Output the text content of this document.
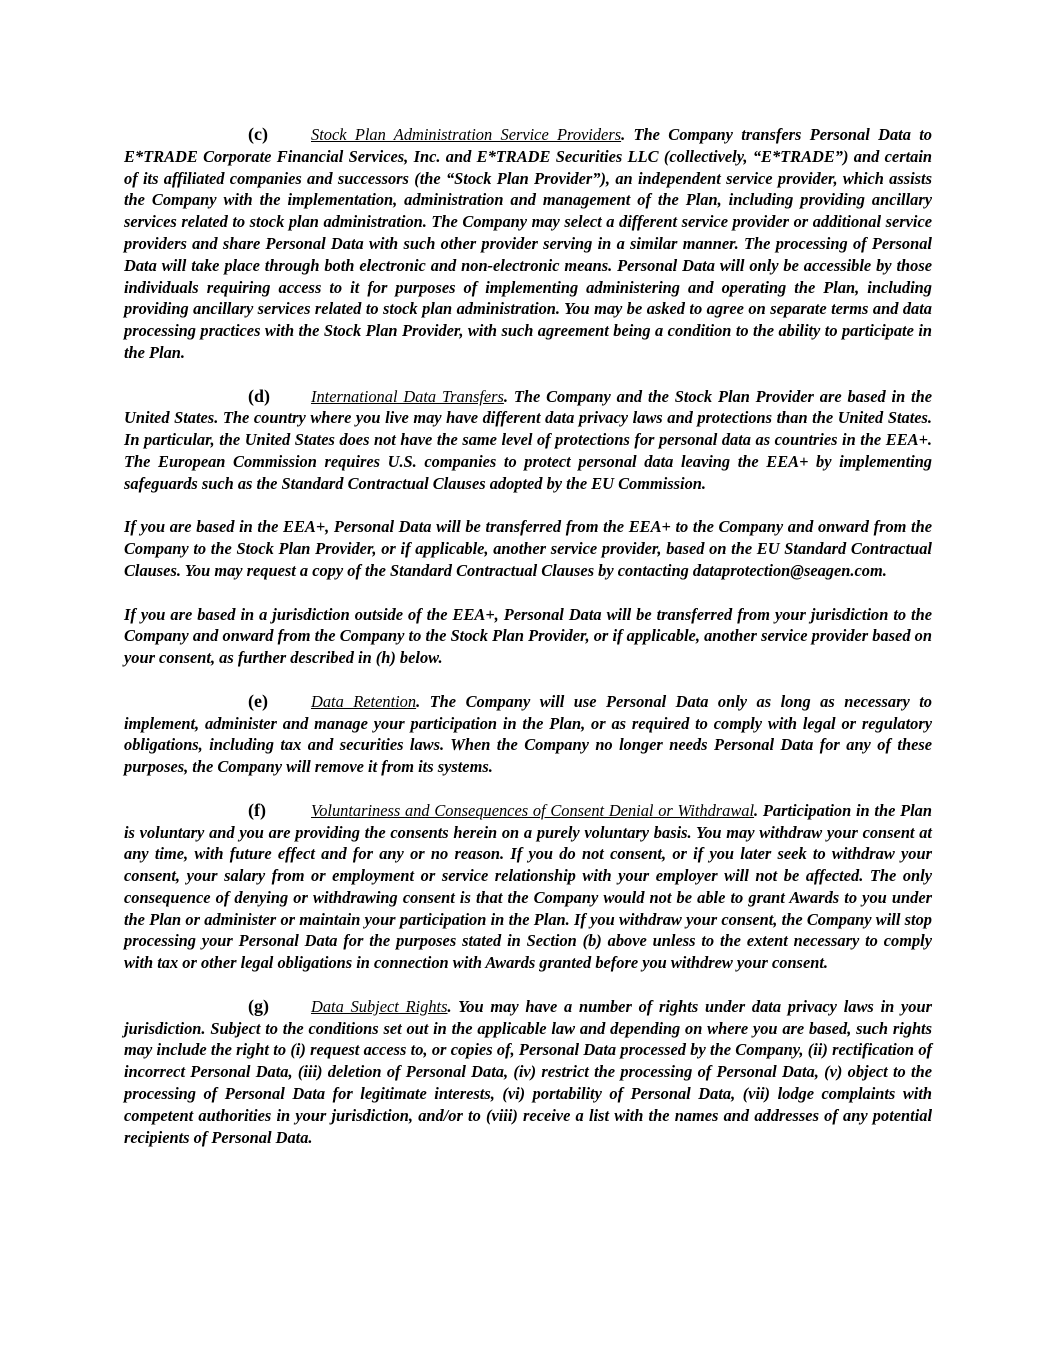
(c)	Stock Plan Administration Service Providers. The Company transfers Personal Data to E*TRADE Corporate Financial Services, Inc. and E*TRADE Securities LLC (collectively, “E*TRADE”) and certain of its affiliated companies and successors (the “Stock Plan Provider”), an independent service provider, which assists the Company with the implementation, administration and management of the Plan, including providing ancillary services related to stock plan administration. The Company may select a different service provider or additional service providers and share Personal Data with such other provider serving in a similar manner. The processing of Personal Data will take place through both electronic and non-electronic means. Personal Data will only be accessible by those individuals requiring access to it for purposes of implementing administering and operating the Plan, including providing ancillary services related to stock plan administration. You may be asked to agree on separate terms and data processing practices with the Stock Plan Provider, with such agreement being a condition to the ability to participate in the Plan.

(d)	International Data Transfers. The Company and the Stock Plan Provider are based in the United States. The country where you live may have different data privacy laws and protections than the United States. In particular, the United States does not have the same level of protections for personal data as countries in the EEA+. The European Commission requires U.S. companies to protect personal data leaving the EEA+ by implementing safeguards such as the Standard Contractual Clauses adopted by the EU Commission.

If you are based in the EEA+, Personal Data will be transferred from the EEA+ to the Company and onward from the Company to the Stock Plan Provider, or if applicable, another service provider, based on the EU Standard Contractual Clauses. You may request a copy of the Standard Contractual Clauses by contacting dataprotection@seagen.com.

If you are based in a jurisdiction outside of the EEA+, Personal Data will be transferred from your jurisdiction to the Company and onward from the Company to the Stock Plan Provider, or if applicable, another service provider based on your consent, as further described in (h) below.

(e)	Data Retention. The Company will use Personal Data only as long as necessary to implement, administer and manage your participation in the Plan, or as required to comply with legal or regulatory obligations, including tax and securities laws. When the Company no longer needs Personal Data for any of these purposes, the Company will remove it from its systems.

(f)	Voluntariness and Consequences of Consent Denial or Withdrawal. Participation in the Plan is voluntary and you are providing the consents herein on a purely voluntary basis. You may withdraw your consent at any time, with future effect and for any or no reason. If you do not consent, or if you later seek to withdraw your consent, your salary from or employment or service relationship with your employer will not be affected. The only consequence of denying or withdrawing consent is that the Company would not be able to grant Awards to you under the Plan or administer or maintain your participation in the Plan. If you withdraw your consent, the Company will stop processing your Personal Data for the purposes stated in Section (b) above unless to the extent necessary to comply with tax or other legal obligations in connection with Awards granted before you withdrew your consent.

(g)	Data Subject Rights. You may have a number of rights under data privacy laws in your jurisdiction. Subject to the conditions set out in the applicable law and depending on where you are based, such rights may include the right to (i) request access to, or copies of, Personal Data processed by the Company, (ii) rectification of incorrect Personal Data, (iii) deletion of Personal Data, (iv) restrict the processing of Personal Data, (v) object to the processing of Personal Data for legitimate interests, (vi) portability of Personal Data, (vii) lodge complaints with competent authorities in your jurisdiction, and/or to (viii) receive a list with the names and addresses of any potential recipients of Personal Data.
